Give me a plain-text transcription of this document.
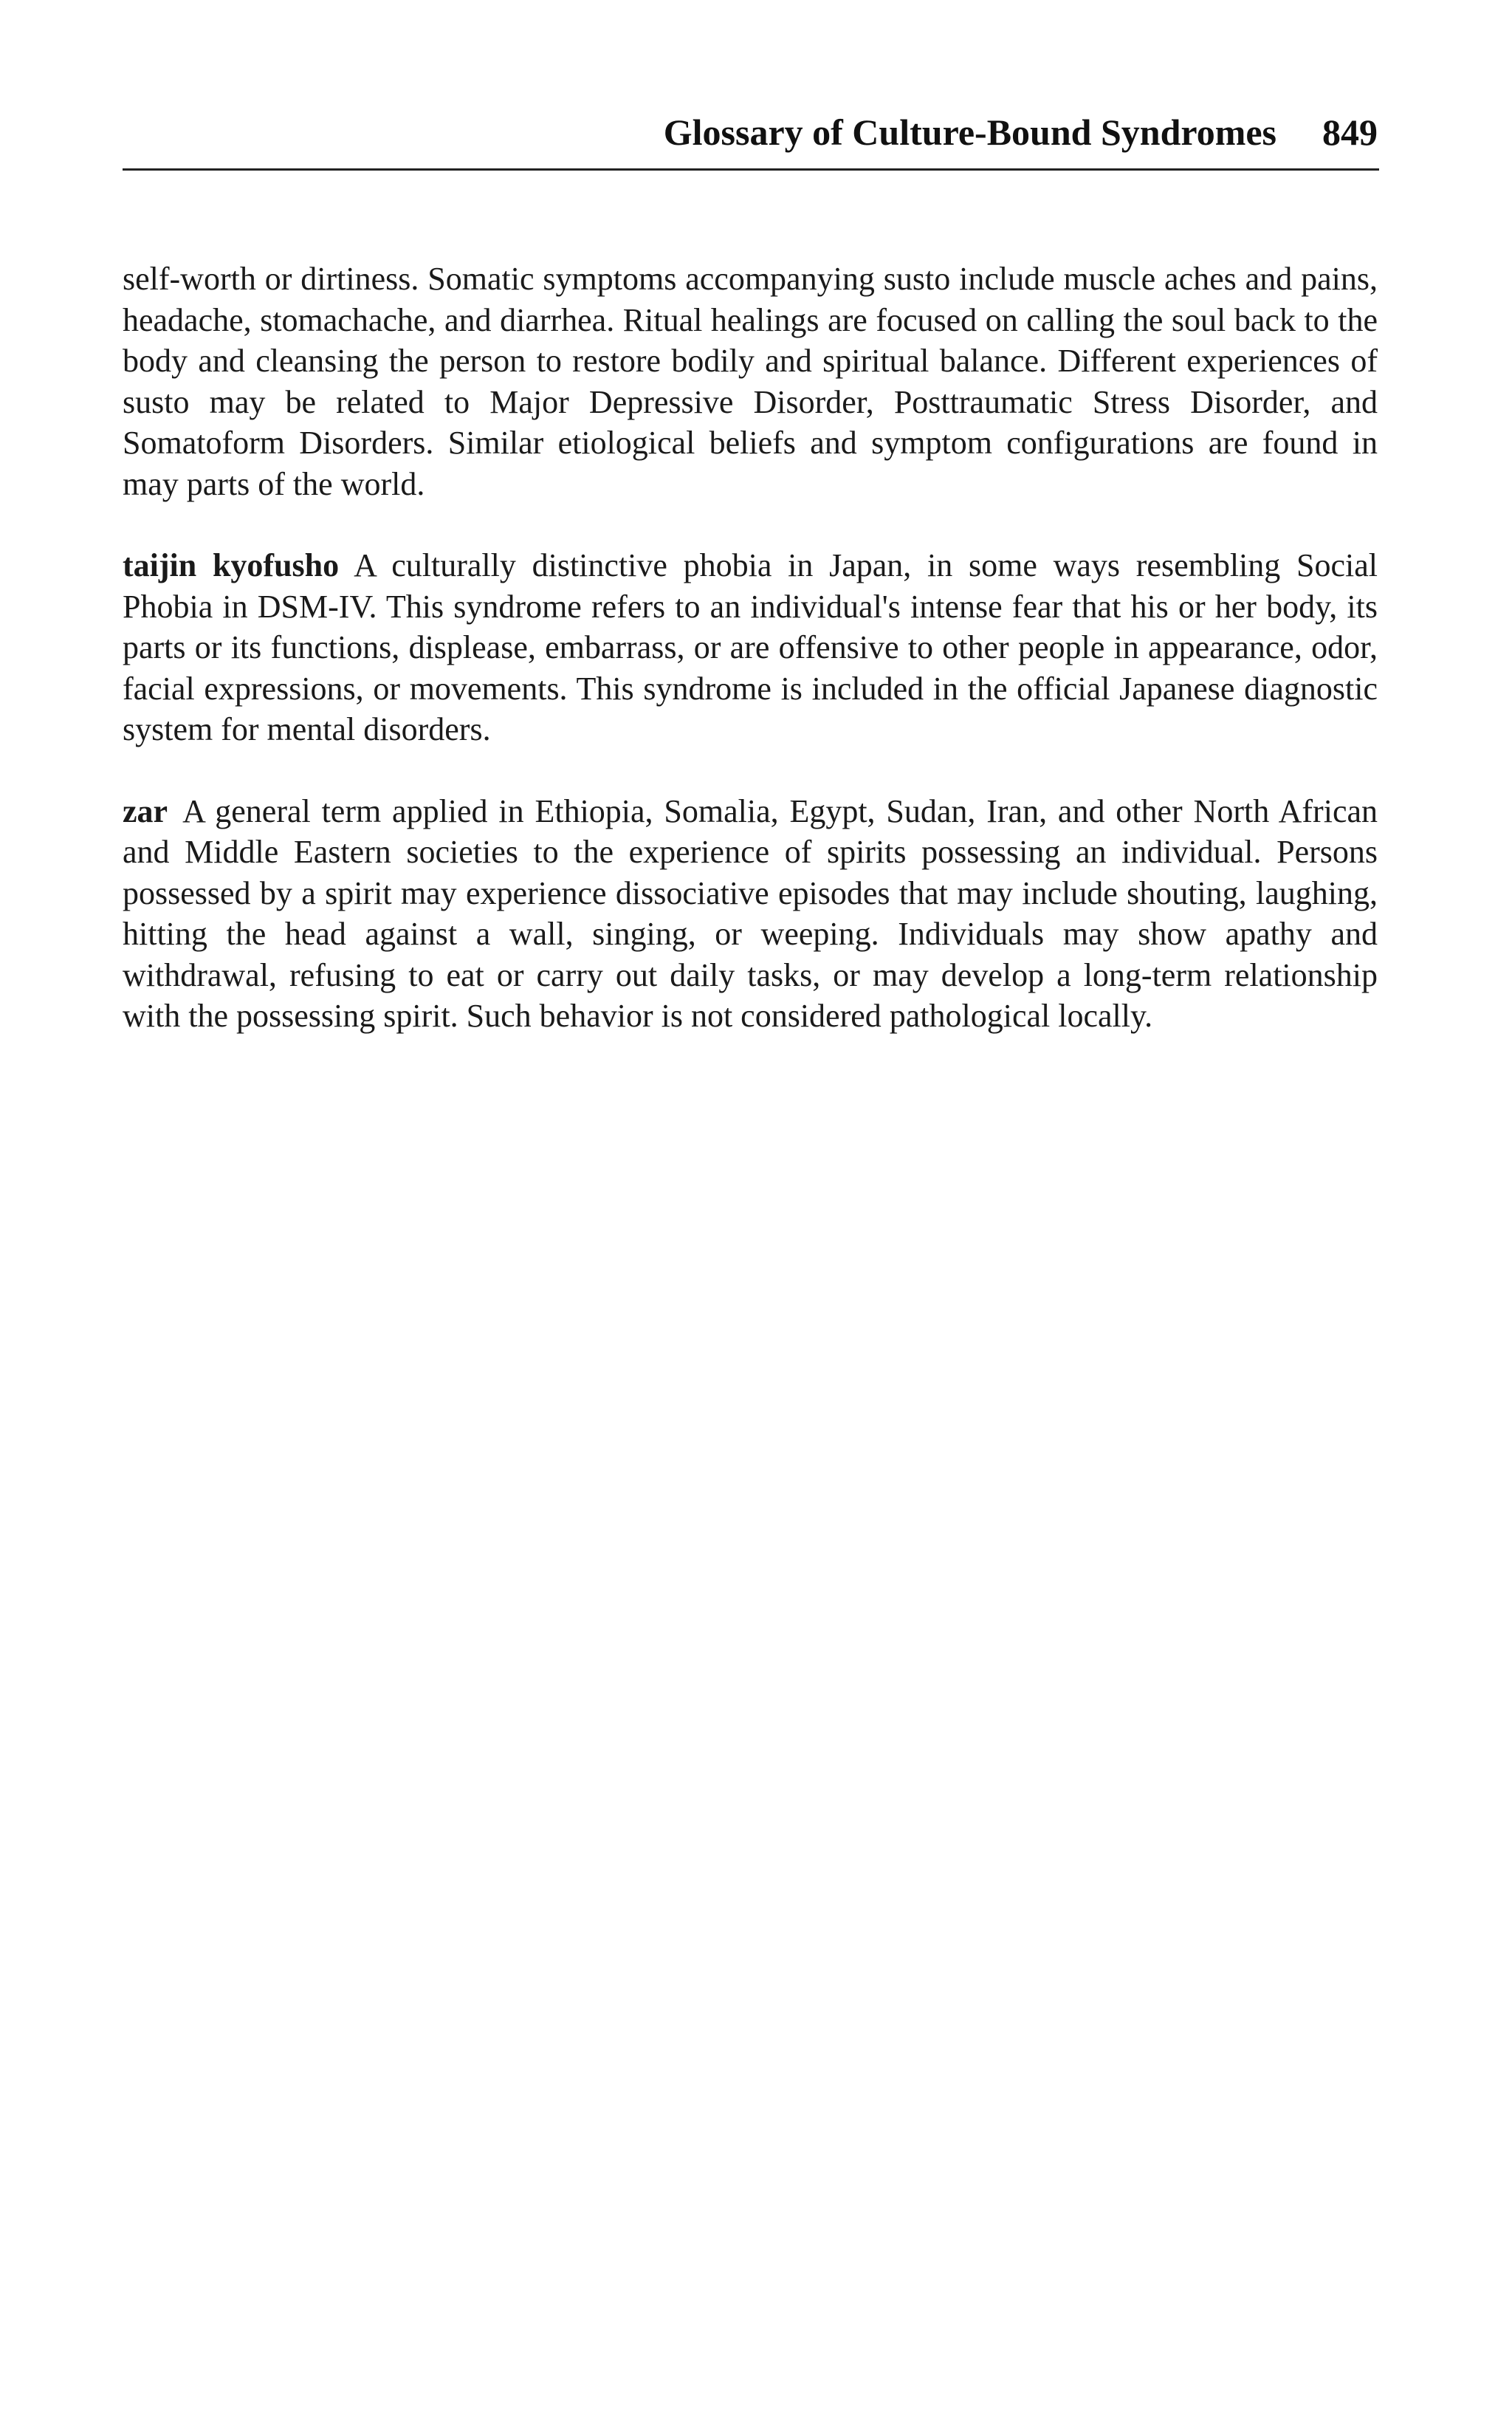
Glossary of Culture-Bound Syndromes 849

self-worth or dirtiness. Somatic symptoms accompanying susto include muscle aches and pains, headache, stomachache, and diarrhea. Ritual healings are focused on calling the soul back to the body and cleansing the person to restore bodily and spiritual balance. Different experiences of susto may be related to Major Depressive Disorder, Posttraumatic Stress Disorder, and Somatoform Disorders. Similar etiological beliefs and symptom configurations are found in may parts of the world.

taijin kyofusho A culturally distinctive phobia in Japan, in some ways resembling Social Phobia in DSM-IV. This syndrome refers to an individual's intense fear that his or her body, its parts or its functions, displease, embarrass, or are offensive to other people in appearance, odor, facial expressions, or movements. This syndrome is included in the official Japanese diagnostic system for mental disorders.

zar A general term applied in Ethiopia, Somalia, Egypt, Sudan, Iran, and other North African and Middle Eastern societies to the experience of spirits possessing an individual. Persons possessed by a spirit may experience dissociative episodes that may include shouting, laughing, hitting the head against a wall, singing, or weeping. Individuals may show apathy and withdrawal, refusing to eat or carry out daily tasks, or may develop a long-term relationship with the possessing spirit. Such behavior is not considered pathological locally.
